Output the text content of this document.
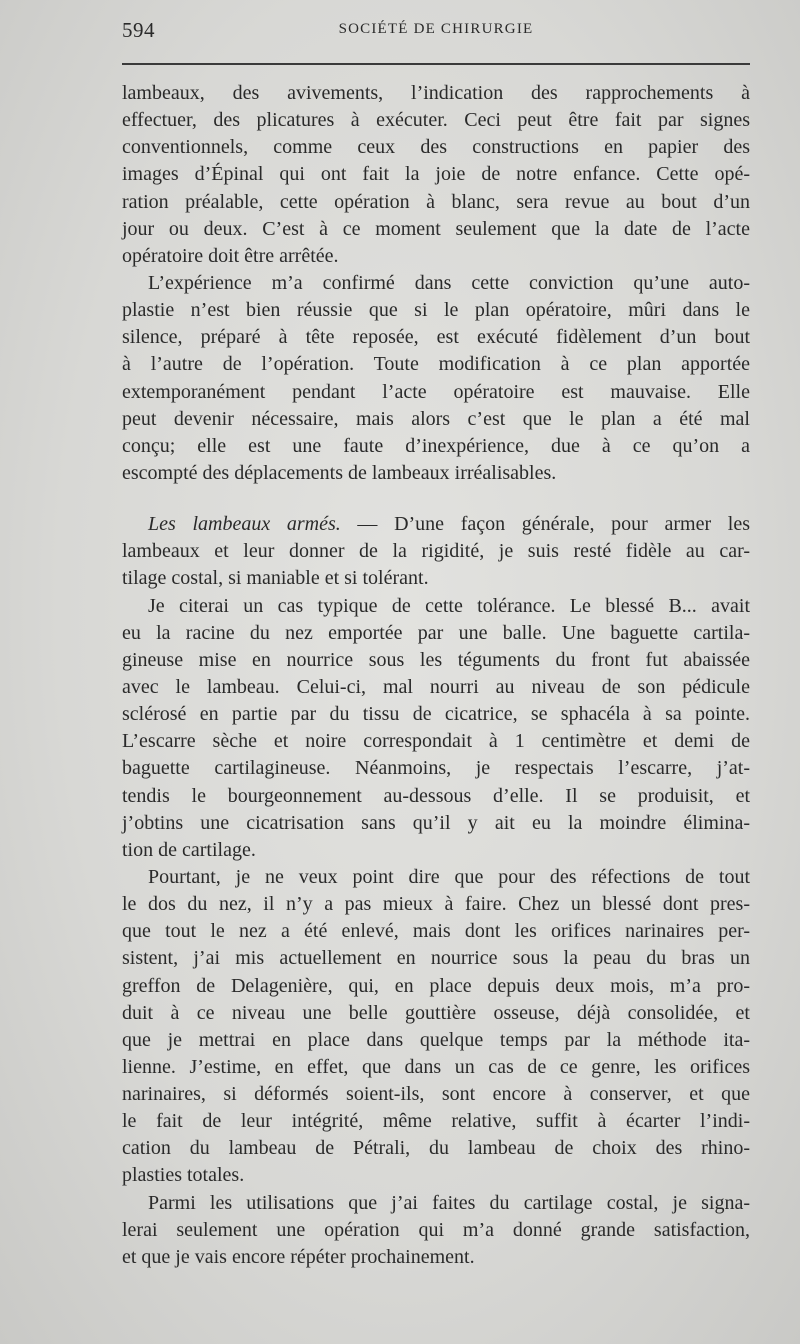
594	SOCIÉTÉ DE CHIRURGIE
lambeaux, des avivements, l’indication des rapprochements à
effectuer, des plicatures à exécuter. Ceci peut être fait par signes
conventionnels, comme ceux des constructions en papier des
images d’Épinal qui ont fait la joie de notre enfance. Cette opé-
ration préalable, cette opération à blanc, sera revue au bout d’un
jour ou deux. C’est à ce moment seulement que la date de l’acte
opératoire doit être arrêtée.
L’expérience m’a confirmé dans cette conviction qu’une auto-
plastie n’est bien réussie que si le plan opératoire, mûri dans le
silence, préparé à tête reposée, est exécuté fidèlement d’un bout
à l’autre de l’opération. Toute modification à ce plan apportée
extemporanément pendant l’acte opératoire est mauvaise. Elle
peut devenir nécessaire, mais alors c’est que le plan a été mal
conçu; elle est une faute d’inexpérience, due à ce qu’on a
escompté des déplacements de lambeaux irréalisables.
Les lambeaux armés. — D’une façon générale, pour armer les
lambeaux et leur donner de la rigidité, je suis resté fidèle au car-
tilage costal, si maniable et si tolérant.
Je citerai un cas typique de cette tolérance. Le blessé B... avait
eu la racine du nez emportée par une balle. Une baguette cartila-
gineuse mise en nourrice sous les téguments du front fut abaissée
avec le lambeau. Celui-ci, mal nourri au niveau de son pédicule
sclérosé en partie par du tissu de cicatrice, se sphacéla à sa pointe.
L’escarre sèche et noire correspondait à 1 centimètre et demi de
baguette cartilagineuse. Néanmoins, je respectais l’escarre, j’at-
tendis le bourgeonnement au-dessous d’elle. Il se produisit, et
j’obtins une cicatrisation sans qu’il y ait eu la moindre élimina-
tion de cartilage.
Pourtant, je ne veux point dire que pour des réfections de tout
le dos du nez, il n’y a pas mieux à faire. Chez un blessé dont pres-
que tout le nez a été enlevé, mais dont les orifices narinaires per-
sistent, j’ai mis actuellement en nourrice sous la peau du bras un
greffon de Delagenière, qui, en place depuis deux mois, m’a pro-
duit à ce niveau une belle gouttière osseuse, déjà consolidée, et
que je mettrai en place dans quelque temps par la méthode ita-
lienne. J’estime, en effet, que dans un cas de ce genre, les orifices
narinaires, si déformés soient-ils, sont encore à conserver, et que
le fait de leur intégrité, même relative, suffit à écarter l’indi-
cation du lambeau de Pétrali, du lambeau de choix des rhino-
plasties totales.
Parmi les utilisations que j’ai faites du cartilage costal, je signa-
lerai seulement une opération qui m’a donné grande satisfaction,
et que je vais encore répéter prochainement.
